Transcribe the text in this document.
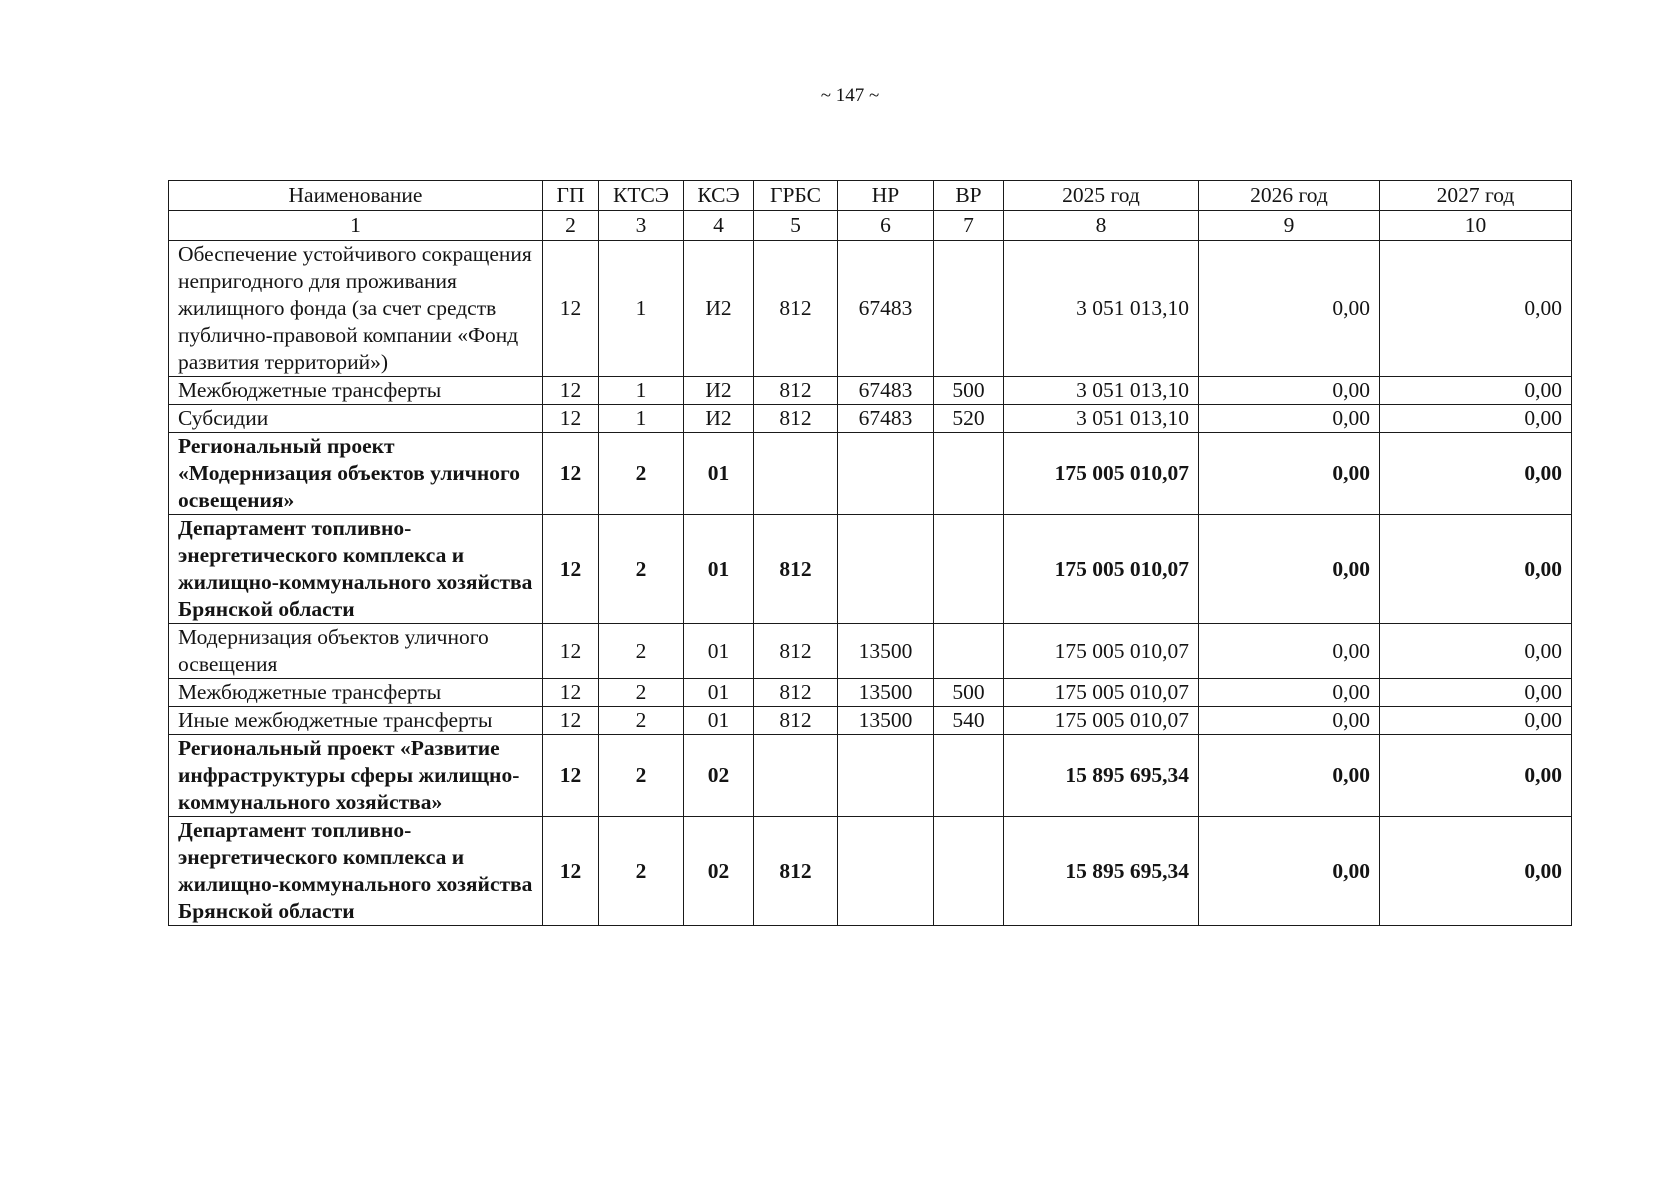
~ 147 ~
Наименование	ГП	КТСЭ	КСЭ	ГРБС	НР	ВР	2025 год	2026 год	2027 год
1	2	3	4	5	6	7	8	9	10
Обеспечение устойчивого сокращения непригодного для проживания жилищного фонда (за счет средств публично-правовой компании «Фонд развития территорий»)	12	1	И2	812	67483		3 051 013,10	0,00	0,00
Межбюджетные трансферты	12	1	И2	812	67483	500	3 051 013,10	0,00	0,00
Субсидии	12	1	И2	812	67483	520	3 051 013,10	0,00	0,00
Региональный проект «Модернизация объектов уличного освещения»	12	2	01				175 005 010,07	0,00	0,00
Департамент топливно-энергетического комплекса и жилищно-коммунального хозяйства Брянской области	12	2	01	812			175 005 010,07	0,00	0,00
Модернизация объектов уличного освещения	12	2	01	812	13500		175 005 010,07	0,00	0,00
Межбюджетные трансферты	12	2	01	812	13500	500	175 005 010,07	0,00	0,00
Иные межбюджетные трансферты	12	2	01	812	13500	540	175 005 010,07	0,00	0,00
Региональный проект «Развитие инфраструктуры сферы жилищно-коммунального хозяйства»	12	2	02				15 895 695,34	0,00	0,00
Департамент топливно-энергетического комплекса и жилищно-коммунального хозяйства Брянской области	12	2	02	812			15 895 695,34	0,00	0,00
